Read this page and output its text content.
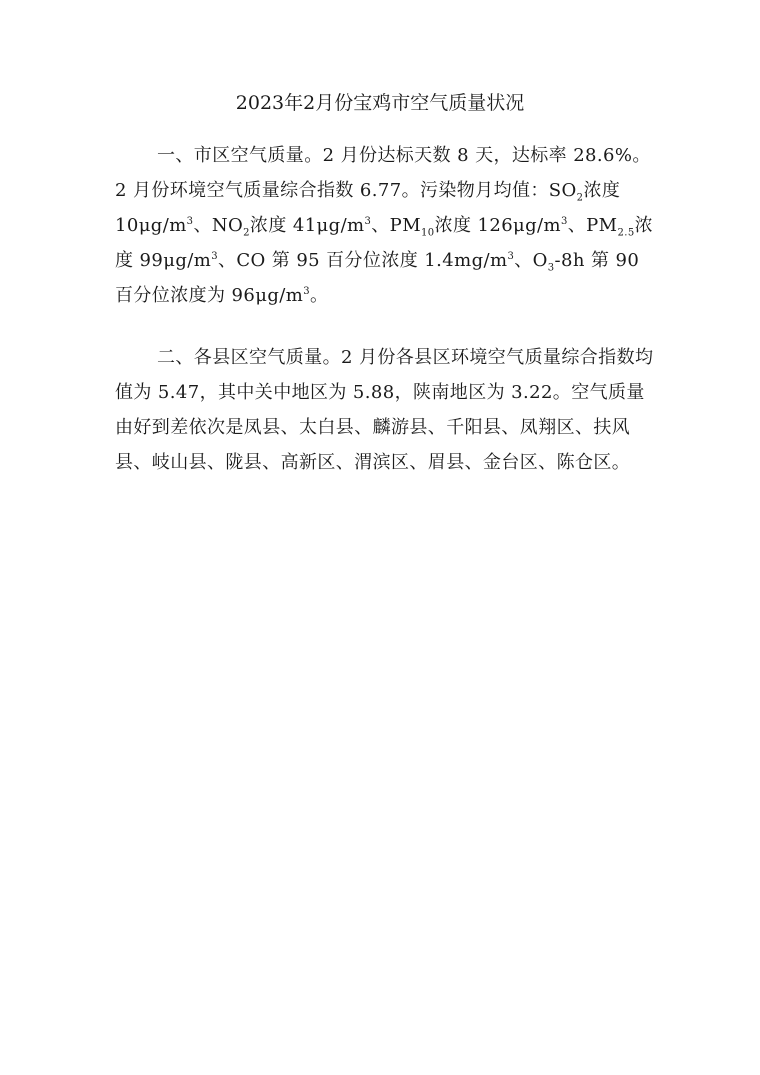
2023年2月份宝鸡市空气质量状况

一、市区空气质量。2 月份达标天数 8 天，达标率 28.6%。2 月份环境空气质量综合指数 6.77。污染物月均值：$SO_2$浓度 $10\mu g/m^3$、$NO_2$浓度 $41\mu g/m^3$、$PM_{10}$浓度 $126\mu g/m^3$、$PM_{2.5}$浓度 $99\mu g/m^3$、CO 第 95 百分位浓度 $1.4mg/m^3$、$O_3-8h$ 第 90 百分位浓度为 $96\mu g/m^3$。

二、各县区空气质量。2 月份各县区环境空气质量综合指数均值为 5.47，其中关中地区为 5.88，陕南地区为 3.22。空气质量由好到差依次是凤县、太白县、麟游县、千阳县、凤翔区、扶风县、岐山县、陇县、高新区、渭滨区、眉县、金台区、陈仓区。
